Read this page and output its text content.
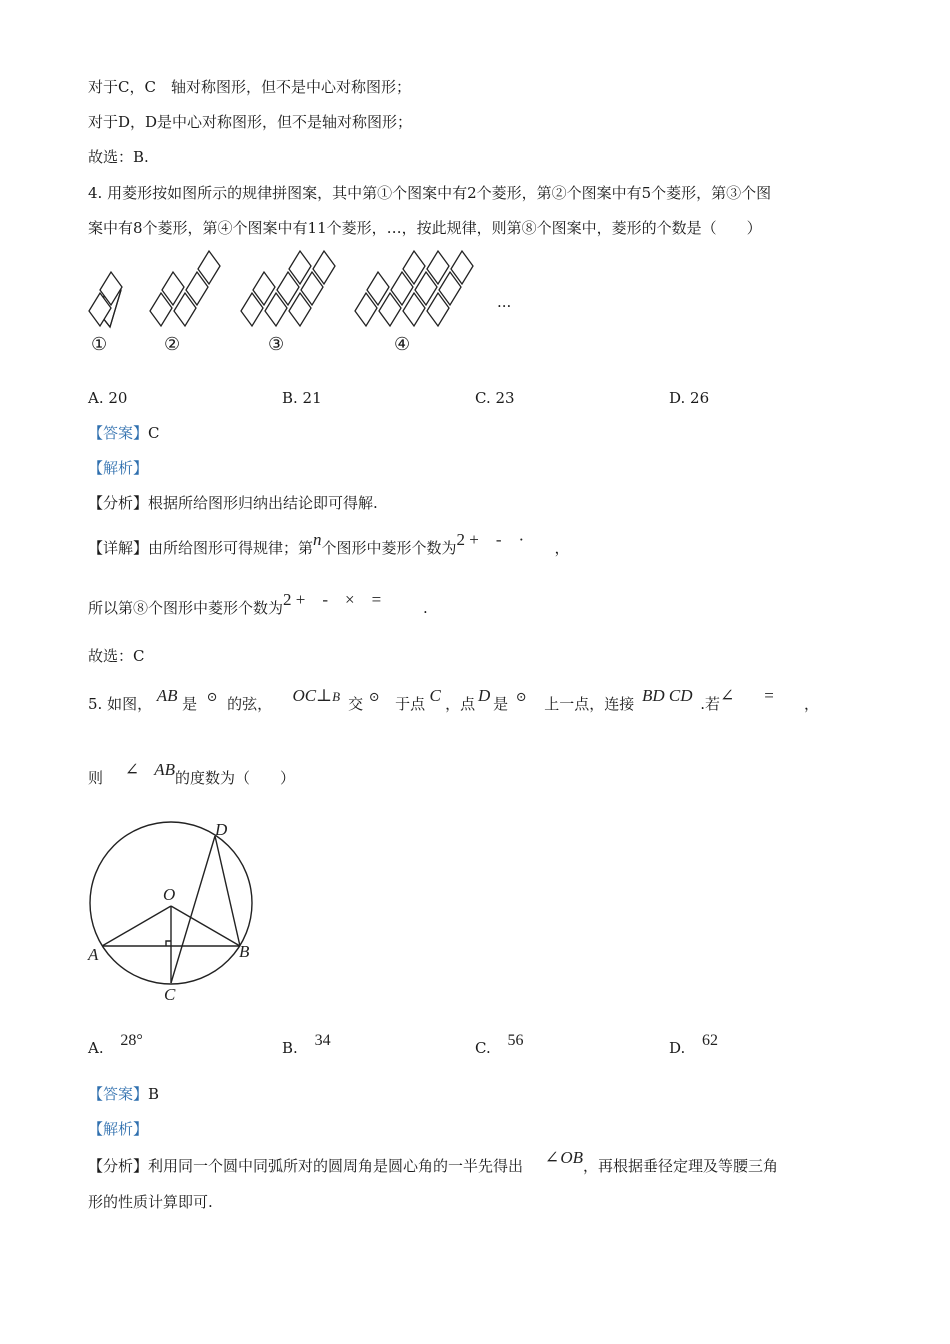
对于C，C　轴对称图形，但不是中心对称图形；
对于D，D是中心对称图形，但不是轴对称图形；
故选：B.
4. 用菱形按如图所示的规律拼图案，其中第①个图案中有2个菱形，第②个图案中有5个菱形，第③个图
案中有8个菱形，第④个图案中有11个菱形，…，按此规律，则第⑧个图案中，菱形的个数是（　　）
①	②	③	④
...
A. 20	B. 21	C. 23	D. 26
【答案】C
【解析】
【分析】根据所给图形归纳出结论即可得解.
【详解】由所给图形可得规律；第n个图形中菱形个数为2 +　-　· ，
所以第⑧个图形中菱形个数为2 +　-　×　=	.
故选：C
5. 如图， AB 是 ⊙ 的弦， OC⊥B 交 ⊙ 于点 C ，点 D 是 ⊙ 上一点，连接 BD CD .若∠ = ，
则 ∠ AB的度数为（　　）
D
O
A	B
C
A. 28°	B. 34	C. 56	D. 62
【答案】B
【解析】
【分析】利用同一个圆中同弧所对的圆周角是圆心角的一半先得出 ∠OB，再根据垂径定理及等腰三角
形的性质计算即可.
